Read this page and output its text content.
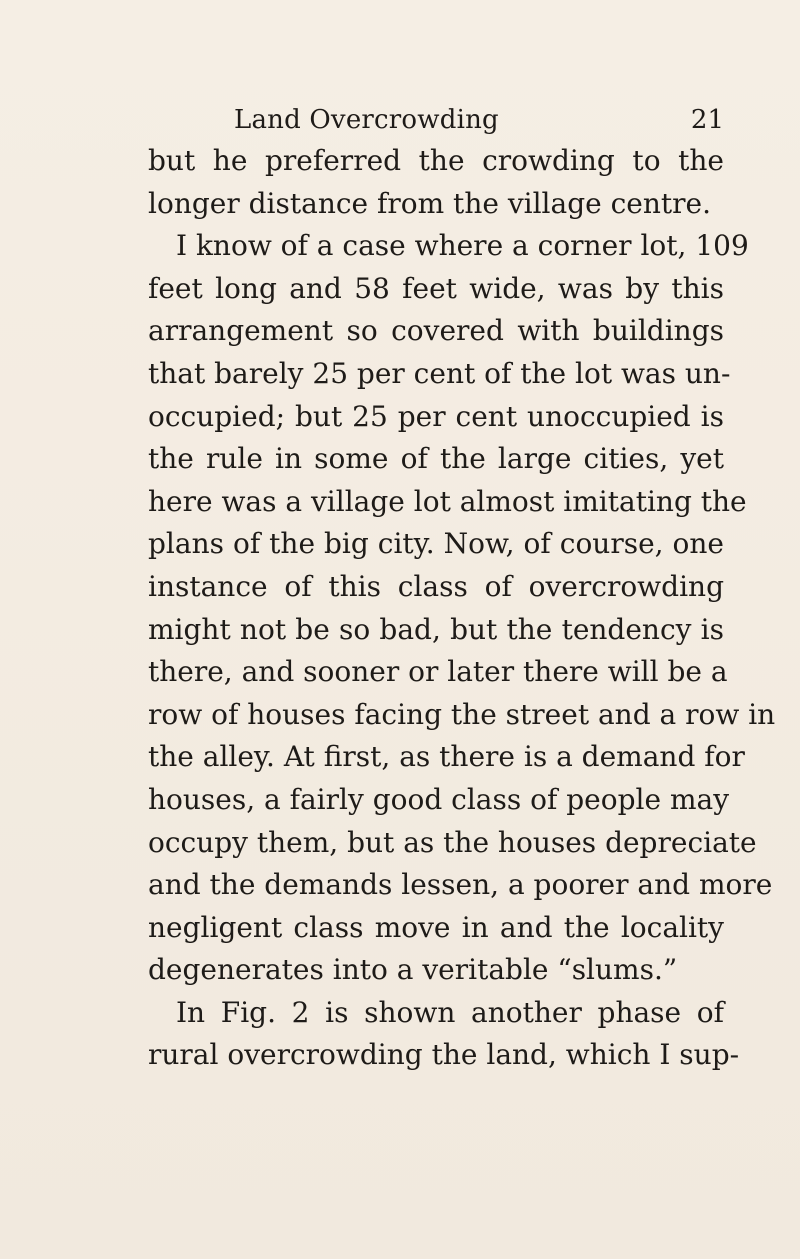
Land Overcrowding	21
but he preferred the crowding to the
longer distance from the village centre.
I know of a case where a corner lot, 109
feet long and 58 feet wide, was by this
arrangement so covered with buildings
that barely 25 per cent of the lot was un-
occupied; but 25 per cent unoccupied is
the rule in some of the large cities, yet
here was a village lot almost imitating the
plans of the big city. Now, of course, one
instance of this class of overcrowding
might not be so bad, but the tendency is
there, and sooner or later there will be a
row of houses facing the street and a row in
the alley. At first, as there is a demand for
houses, a fairly good class of people may
occupy them, but as the houses depreciate
and the demands lessen, a poorer and more
negligent class move in and the locality
degenerates into a veritable “slums.”
In Fig. 2 is shown another phase of
rural overcrowding the land, which I sup-
